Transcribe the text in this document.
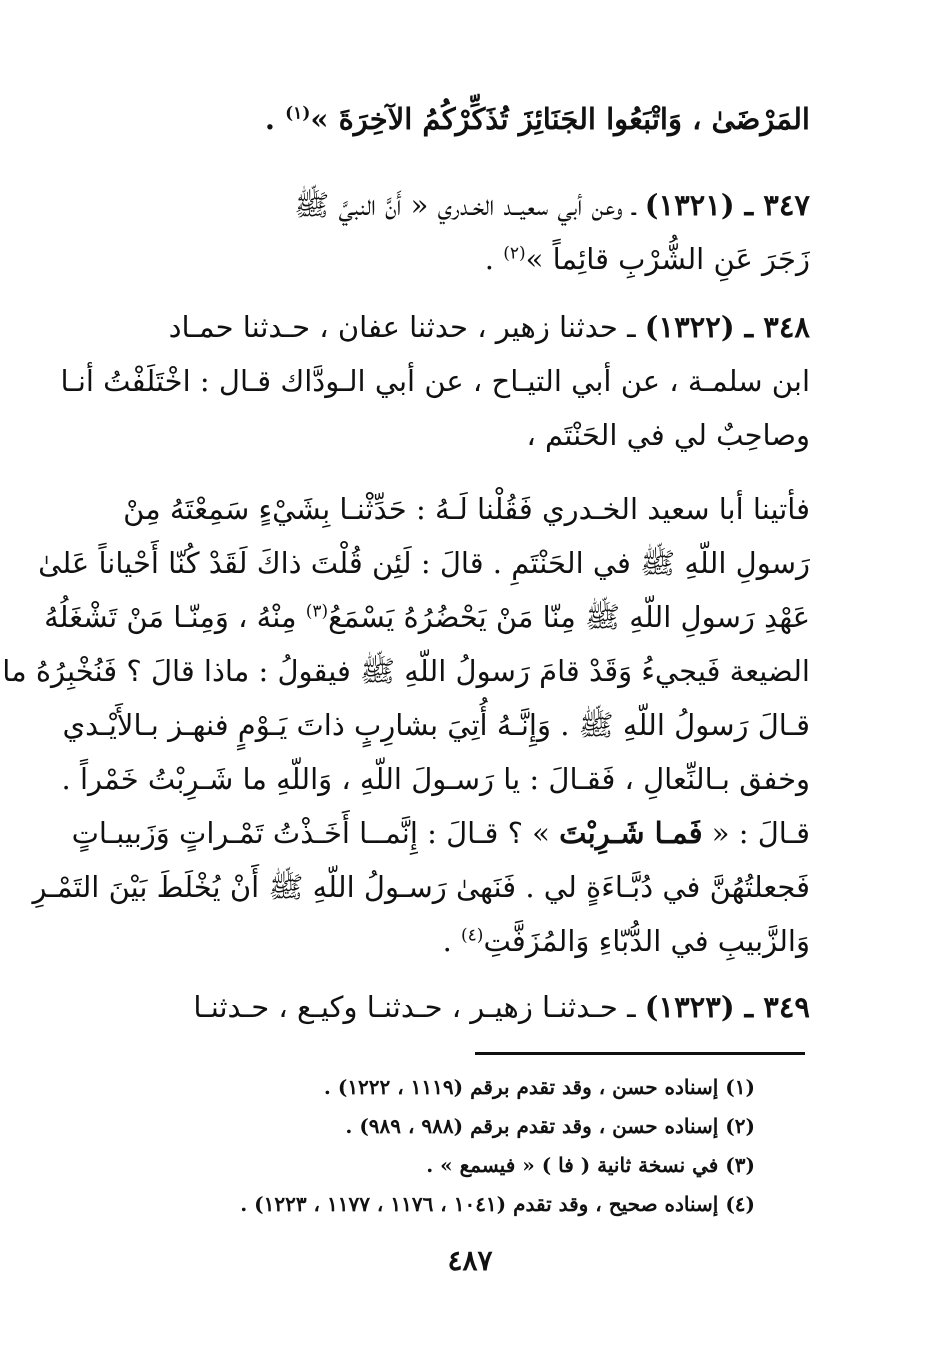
المَرْضَىٰ ، وَاتْبَعُوا الجَنَائِزَ تُذَكِّرْكُمُ الآخِرَةَ »$^{(١)}$ .
٣٤٧ ـ (١٣٢١) ـ وعن أبي سعيــد الخـدري « أَنَّ النبيَّ ﷺ
زَجَرَ عَنِ الشُّرْبِ قائِماً »$^{(٢)}$ .
٣٤٨ ـ (١٣٢٢) ـ حدثنا زهير ، حدثنا عفان ، حـدثنا حمـاد
ابن سلمـة ، عن أبي التيـاح ، عن أبي الـودَّاك قـال : اخْتَلَفْتُ أنـا
وصاحِبٌ لي في الحَنْتَم ،
فأتينا أبا سعيد الخـدري فَقُلْنا لَـهُ : حَدِّثْنـا بِشَيْءٍ سَمِعْتَهُ مِنْ
رَسولِ اللّهِ ﷺ في الحَنْتَمِ . قالَ : لَئِن قُلْتَ ذاكَ لَقَدْ كُنّا أَحْياناً عَلىٰ
عَهْدِ رَسولِ اللّهِ ﷺ مِنّا مَنْ يَحْضُرُهُ يَسْمَعُ$^{(٣)}$ مِنْهُ ، وَمِنّـا مَنْ تَشْغَلُهُ
الضيعة فَيجيءُ وَقَدْ قامَ رَسولُ اللّهِ ﷺ فيقولُ : ماذا قالَ ؟ فَنُخْبِرُهُ ما
قـالَ رَسولُ اللّهِ ﷺ . وَإِنَّـهُ أُتِيَ بشارِبٍ ذاتَ يَـوْمٍ فنهـز بـالأَيْـدي
وخفق بـالنِّعالِ ، فَقـالَ : يا رَسـولَ اللّهِ ، وَاللّهِ ما شَـرِبْتُ خَمْراً .
قـالَ : « فَمـا شَـرِبْتَ » ؟ قـالَ : إِنَّمــا أَخَـذْتُ تَمْـراتٍ وَزَبيبـاتٍ
فَجعلتُهُنَّ في دُبَّـاءَةٍ لي . فَنَهىٰ رَسـولُ اللّهِ ﷺ أَنْ يُخْلَطَ بَيْنَ التَمْـرِ
وَالزَّبيبِ في الدُّبّاءِ وَالمُزَفَّتِ$^{(٤)}$ .
٣٤٩ ـ (١٣٢٣) ـ حـدثنـا زهيـر ، حـدثنـا وكيـع ، حـدثنـا
(١) إسناده حسن ، وقد تقدم برقم (١١١٩ ، ١٢٢٢) .
(٢) إسناده حسن ، وقد تقدم برقم (٩٨٨ ، ٩٨٩) .
(٣) في نسخة ثانية ( فا ) « فيسمع » .
(٤) إسناده صحيح ، وقد تقدم (١٠٤١ ، ١١٧٦ ، ١١٧٧ ، ١٢٢٣) .
٤٨٧
